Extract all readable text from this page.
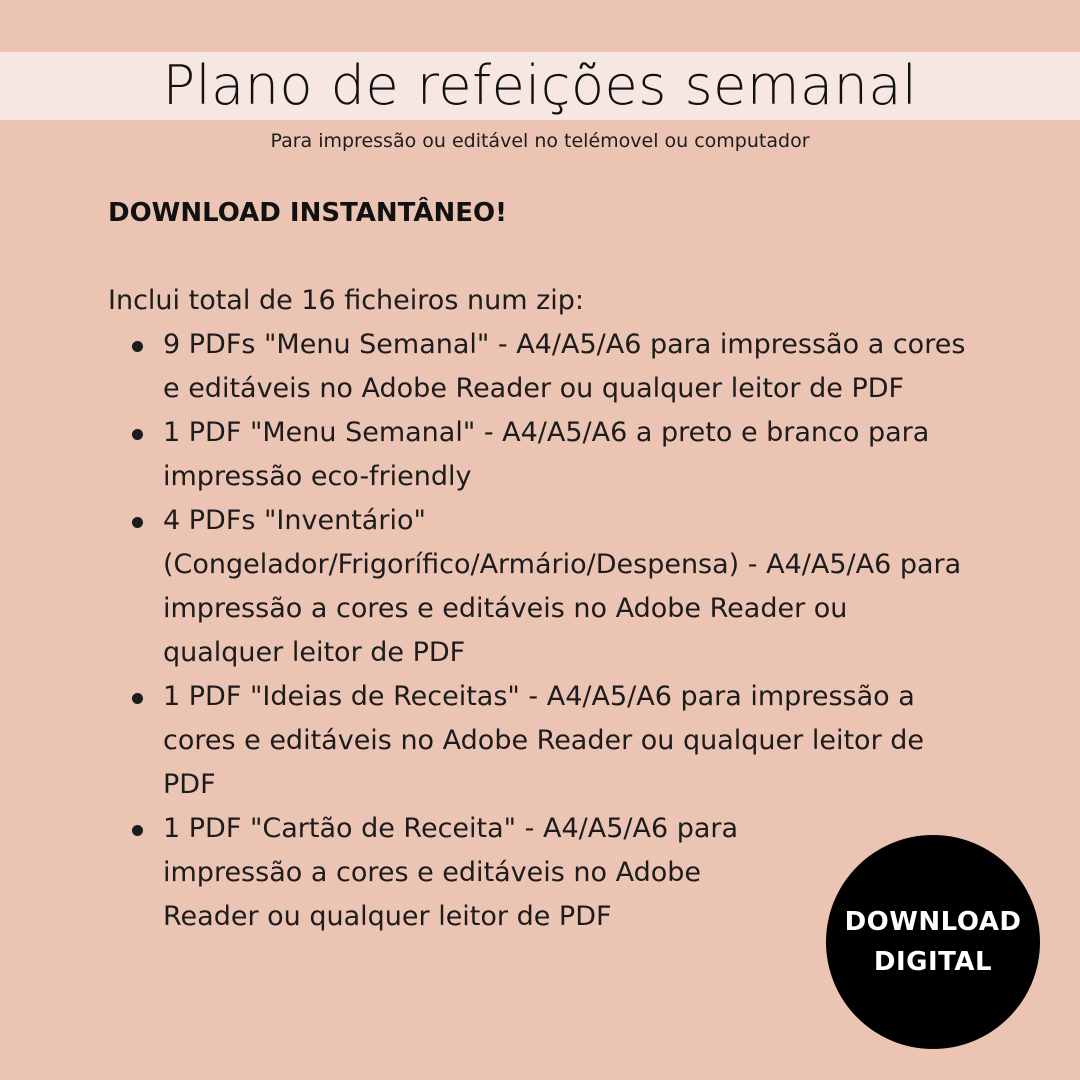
Plano de refeições semanal
Para impressão ou editável no telémovel ou computador

DOWNLOAD INSTANTÂNEO!

Inclui total de 16 ficheiros num zip:

9 PDFs "Menu Semanal" - A4/A5/A6 para impressão a cores e editáveis no Adobe Reader ou qualquer leitor de PDF
1 PDF "Menu Semanal" - A4/A5/A6 a preto e branco para impressão eco-friendly
4 PDFs "Inventário" (Congelador/Frigorífico/Armário/Despensa) - A4/A5/A6 para impressão a cores e editáveis no Adobe Reader ou qualquer leitor de PDF
1 PDF "Ideias de Receitas" - A4/A5/A6 para impressão a cores e editáveis no Adobe Reader ou qualquer leitor de PDF
1 PDF "Cartão de Receita" - A4/A5/A6 para impressão a cores e editáveis no Adobe Reader ou qualquer leitor de PDF	DOWNLOAD
DIGITAL
